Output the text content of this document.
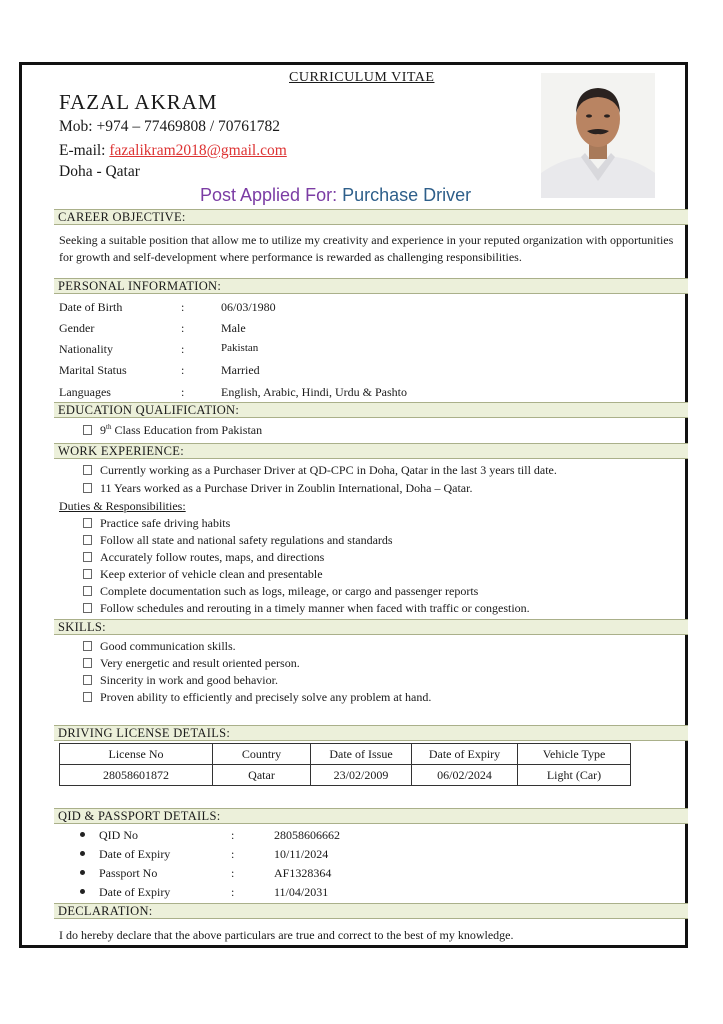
CURRICULUM VITAE
FAZAL AKRAM
Mob: +974 – 77469808 / 70761782
E-mail: fazalikram2018@gmail.com
Doha - Qatar
Post Applied For: Purchase Driver
CAREER OBJECTIVE:
Seeking a suitable position that allow me to utilize my creativity and experience in your reputed organization with opportunities for growth and self-development where performance is rewarded as challenging responsibilities.
PERSONAL INFORMATION:
Date of Birth	:	06/03/1980
Gender	:	Male
Nationality	:	Pakistan
Marital Status	:	Married
Languages	:	English, Arabic, Hindi, Urdu & Pashto
EDUCATION QUALIFICATION:
9th Class Education from Pakistan
WORK EXPERIENCE:
Currently working as a Purchaser Driver at QD-CPC in Doha, Qatar in the last 3 years till date.
11 Years worked as a Purchase Driver in Zoublin International, Doha – Qatar.
Duties & Responsibilities:
Practice safe driving habits
Follow all state and national safety regulations and standards
Accurately follow routes, maps, and directions
Keep exterior of vehicle clean and presentable
Complete documentation such as logs, mileage, or cargo and passenger reports
Follow schedules and rerouting in a timely manner when faced with traffic or congestion.
SKILLS:
Good communication skills.
Very energetic and result oriented person.
Sincerity in work and good behavior.
Proven ability to efficiently and precisely solve any problem at hand.
DRIVING LICENSE DETAILS:
License No	Country	Date of Issue	Date of Expiry	Vehicle Type
28058601872	Qatar	23/02/2009	06/02/2024	Light (Car)
QID & PASSPORT DETAILS:
QID No	:	28058606662
Date of Expiry	:	10/11/2024
Passport No	:	AF1328364
Date of Expiry	:	11/04/2031
DECLARATION:
I do hereby declare that the above particulars are true and correct to the best of my knowledge.
